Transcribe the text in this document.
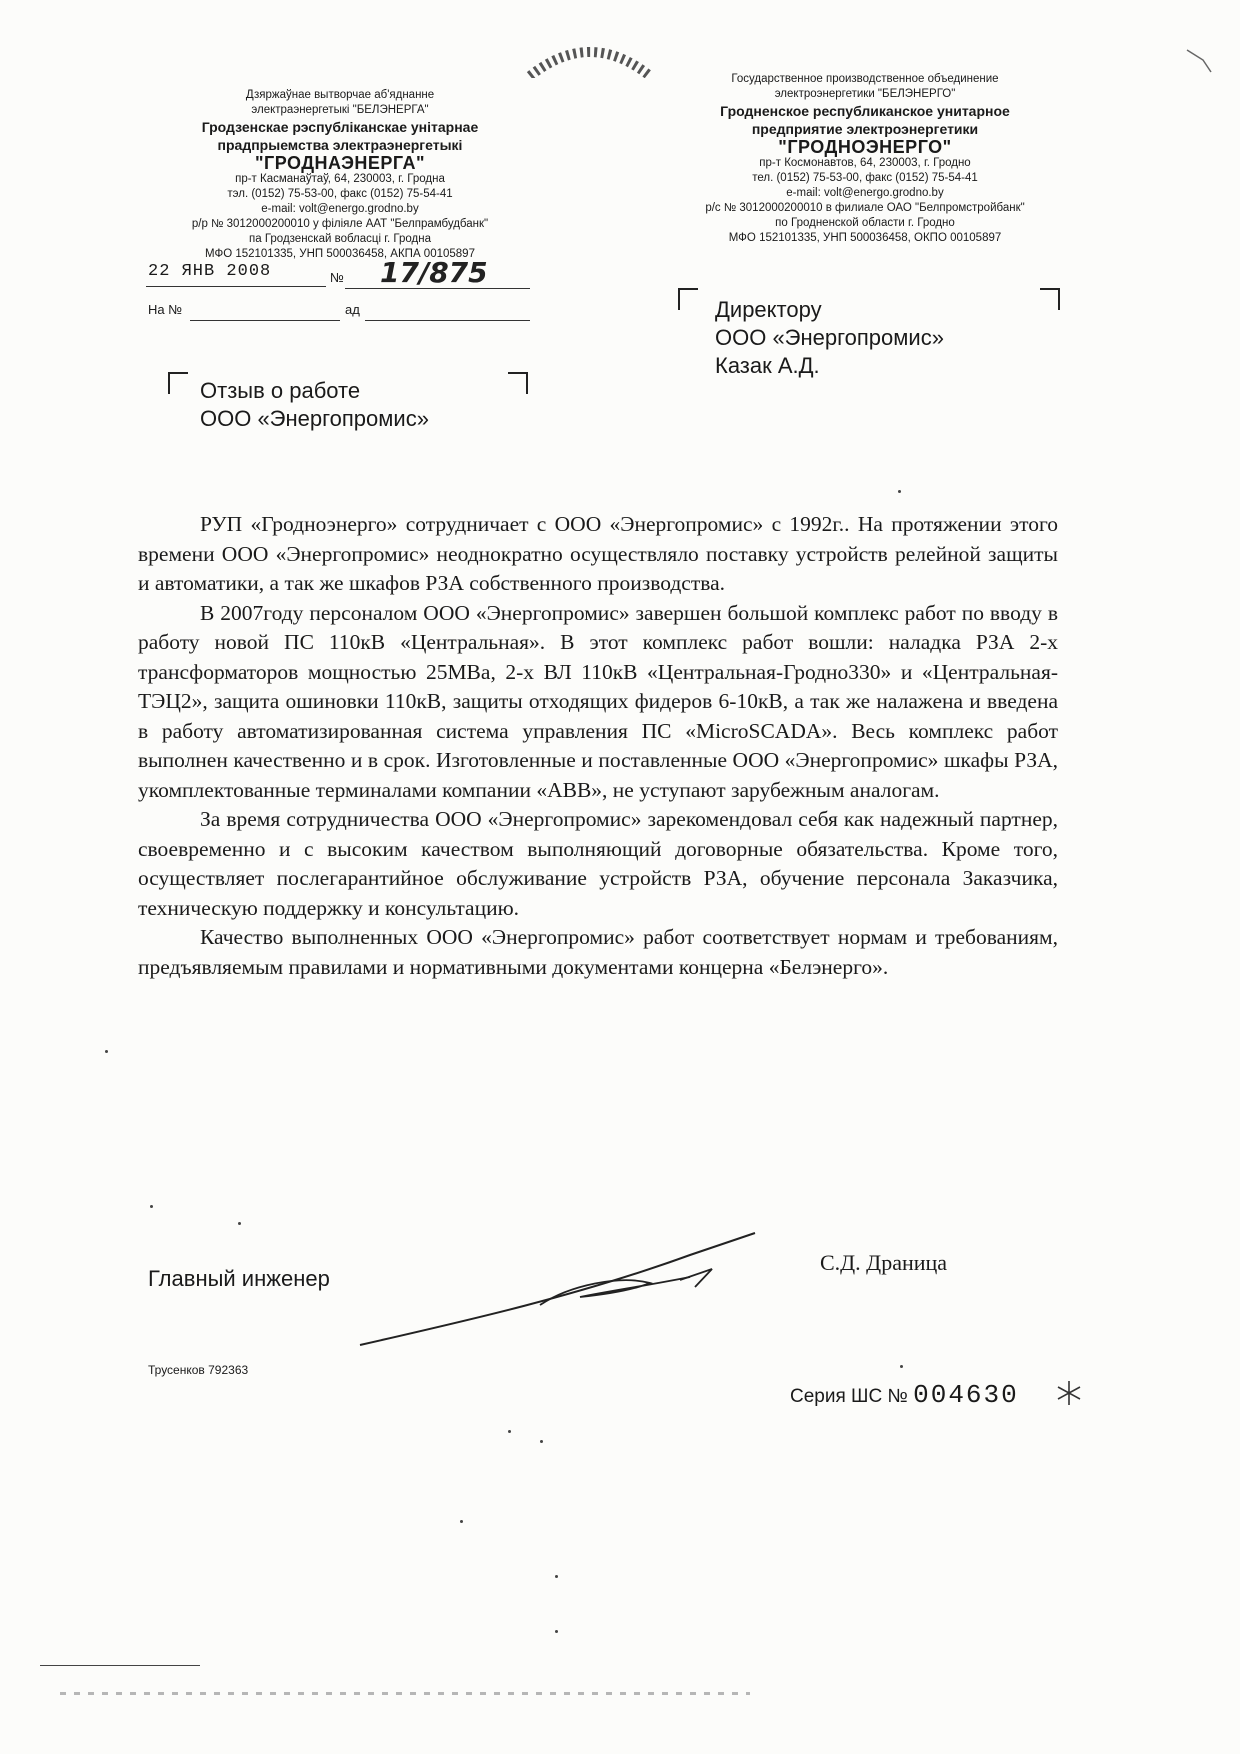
Дзяржаўнае вытворчае аб'яднанне
электраэнергетыкі "БЕЛЭНЕРГА"
Гродзенскае рэспубліканскае унітарнае
прадпрыемства электраэнергетыкі
"ГРОДНАЭНЕРГА"
пр-т Касманаўтаў, 64, 230003, г. Гродна
тэл. (0152) 75-53-00, факс (0152) 75-54-41
e-mail: volt@energo.grodno.by
р/р № 3012000200010 у філіяле ААТ "Белпрамбудбанк"
па Гродзенскай вобласці г. Гродна
МФО 152101335, УНП 500036458, АКПА 00105897
Государственное производственное объединение
электроэнергетики "БЕЛЭНЕРГО"
Гродненское республиканское унитарное
предприятие электроэнергетики
"ГРОДНОЭНЕРГО"
пр-т Космонавтов, 64, 230003, г. Гродно
тел. (0152) 75-53-00, факс (0152) 75-54-41
e-mail: volt@energo.grodno.by
р/с № 3012000200010 в филиале ОАО "Белпромстройбанк"
по Гродненской области г. Гродно
МФО 152101335, УНП 500036458, ОКПО 00105897
22 ЯНВ 2008	№ 17/875
На №	ад	Директору
ООО «Энергопромис»
Казак А.Д.
Отзыв о работе
ООО «Энергопромис»

РУП «Гродноэнерго» сотрудничает с ООО «Энергопромис» с 1992г.. На протяжении этого времени ООО «Энергопромис» неоднократно осуществляло поставку устройств релейной защиты и автоматики, а так же шкафов РЗА собственного производства.

В 2007году персоналом ООО «Энергопромис» завершен большой комплекс работ по вводу в работу новой ПС 110кВ «Центральная». В этот комплекс работ вошли: наладка РЗА 2-х трансформаторов мощностью 25МВа, 2-х ВЛ 110кВ «Центральная-Гродно330» и «Центральная-ТЭЦ2», защита ошиновки 110кВ, защиты отходящих фидеров 6-10кВ, а так же налажена и введена в работу автоматизированная система управления ПС «MicroSCADA». Весь комплекс работ выполнен качественно и в срок. Изготовленные и поставленные ООО «Энергопромис» шкафы РЗА, укомплектованные терминалами компании «АВВ», не уступают зарубежным аналогам.

За время сотрудничества ООО «Энергопромис» зарекомендовал себя как надежный партнер, своевременно и с высоким качеством выполняющий договорные обязательства. Кроме того, осуществляет послегарантийное обслуживание устройств РЗА, обучение персонала Заказчика, техническую поддержку и консультацию.

Качество выполненных ООО «Энергопромис» работ соответствует нормам и требованиям, предъявляемым правилами и нормативными документами концерна «Белэнерго».

Главный инженер
С.Д. Драница
Трусенков 792363
Серия ШС № 004630
